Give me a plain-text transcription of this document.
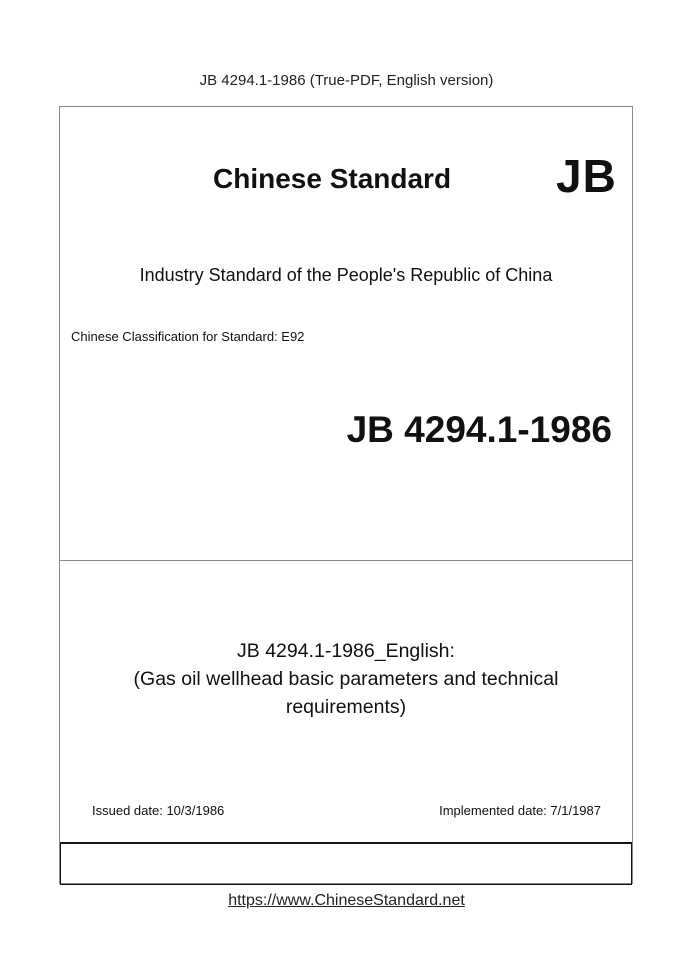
JB 4294.1-1986 (True-PDF, English version)
Chinese Standard JB
Industry Standard of the People's Republic of China
Chinese Classification for Standard: E92
JB 4294.1-1986
JB 4294.1-1986_English:
(Gas oil wellhead basic parameters and technical
requirements)
Issued date: 10/3/1986	Implemented date: 7/1/1987
https://www.ChineseStandard.net
